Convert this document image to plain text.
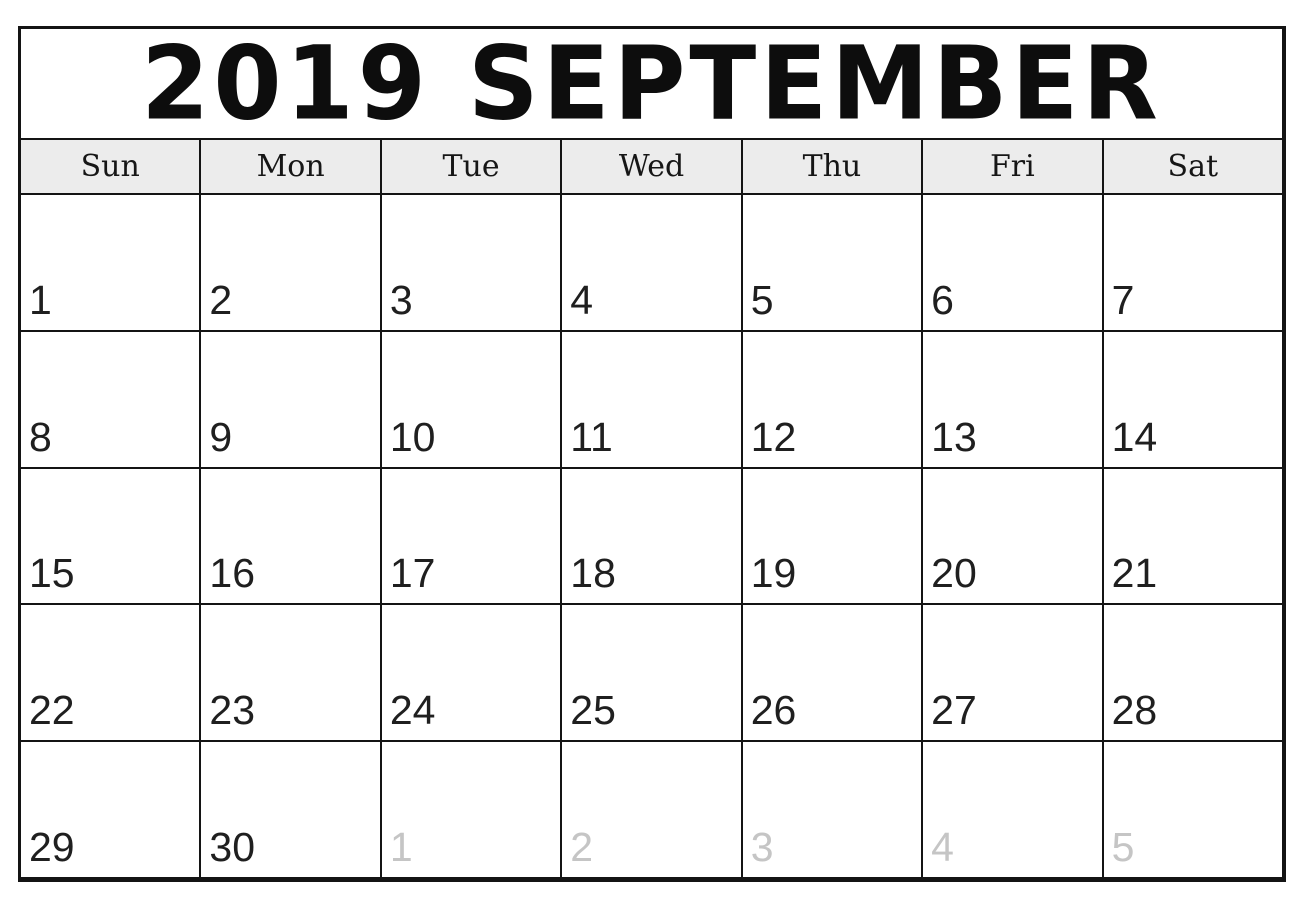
2019 SEPTEMBER
Sun	Mon	Tue	Wed	Thu	Fri	Sat
1	2	3	4	5	6	7
8	9	10	11	12	13	14
15	16	17	18	19	20	21
22	23	24	25	26	27	28
29	30	1	2	3	4	5
